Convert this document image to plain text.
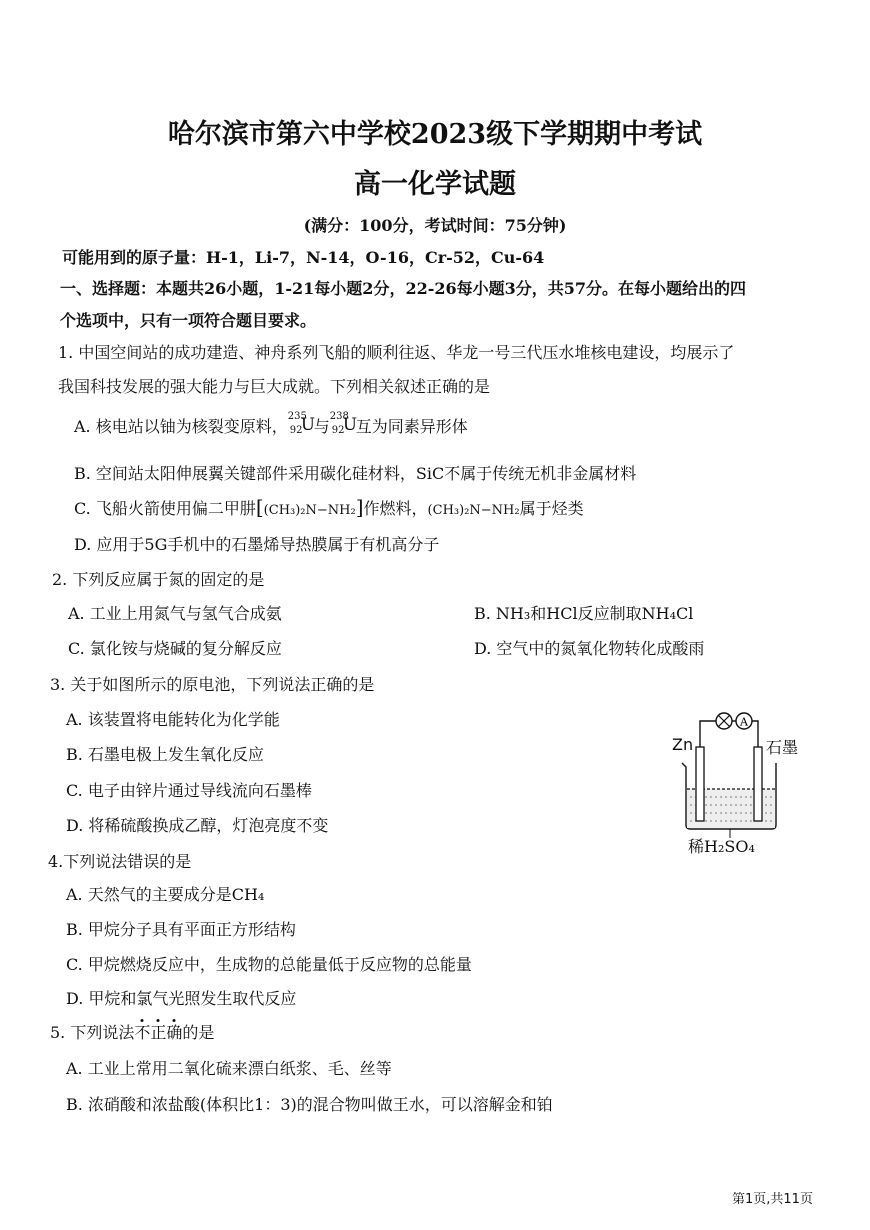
哈尔滨市第六中学校2023级下学期期中考试
高一化学试题
(满分：100分，考试时间：75分钟)
可能用到的原子量：H-1，Li-7，N-14，O-16，Cr-52，Cu-64
一、选择题：本题共26小题，1-21每小题2分，22-26每小题3分，共57分。在每小题给出的四
个选项中，只有一项符合题目要求。
1. 中国空间站的成功建造、神舟系列飞船的顺利往返、华龙一号三代压水堆核电建设，均展示了
我国科技发展的强大能力与巨大成就。下列相关叙述正确的是
A. 核电站以铀为核裂变原料，
235
92
U
与
238
92
U
互为同素异形体
B. 空间站太阳伸展翼关键部件采用碳化硅材料，SiC不属于传统无机非金属材料
C. 飞船火箭使用偏二甲肼[(CH₃)₂N−NH₂]作燃料，(CH₃)₂N−NH₂属于烃类
D. 应用于5G手机中的石墨烯导热膜属于有机高分子
2. 下列反应属于氮的固定的是
A. 工业上用氮气与氢气合成氨	B. NH₃和HCl反应制取NH₄Cl
C. 氯化铵与烧碱的复分解反应	D. 空气中的氮氧化物转化成酸雨
3. 关于如图所示的原电池，下列说法正确的是
A. 该装置将电能转化为化学能
B. 石墨电极上发生氧化反应
C. 电子由锌片通过导线流向石墨棒
D. 将稀硫酸换成乙醇，灯泡亮度不变
A
Zn	石墨
稀H₂SO₄
4.下列说法错误的是
A. 天然气的主要成分是CH₄
B. 甲烷分子具有平面正方形结构
C. 甲烷燃烧反应中，生成物的总能量低于反应物的总能量
D. 甲烷和氯气光照发生取代反应
5. 下列说法不正确的是
A. 工业上常用二氧化硫来漂白纸浆、毛、丝等
B. 浓硝酸和浓盐酸(体积比1：3)的混合物叫做王水，可以溶解金和铂
第1页,共11页
